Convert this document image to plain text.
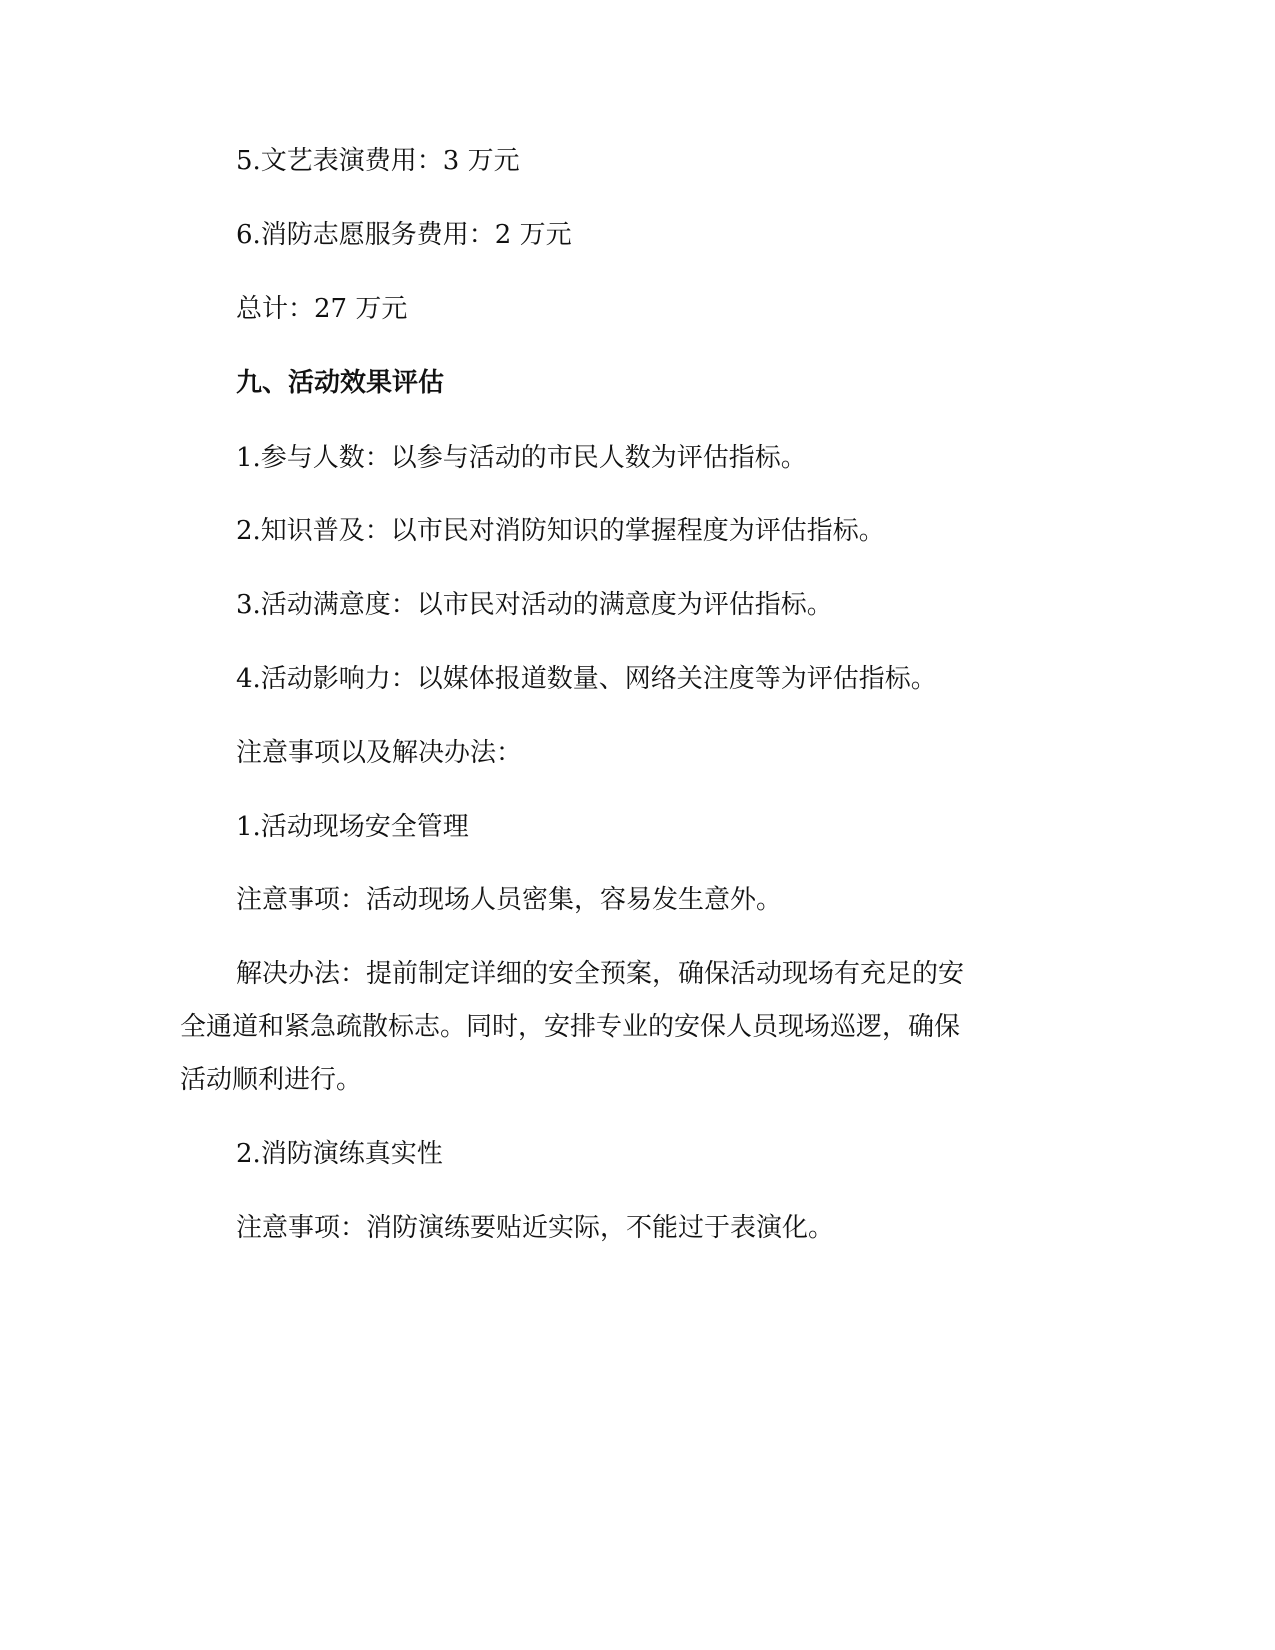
5.文艺表演费用：3 万元
6.消防志愿服务费用：2 万元
总计：27 万元
九、活动效果评估
1.参与人数：以参与活动的市民人数为评估指标。
2.知识普及：以市民对消防知识的掌握程度为评估指标。
3.活动满意度：以市民对活动的满意度为评估指标。
4.活动影响力：以媒体报道数量、网络关注度等为评估指标。
注意事项以及解决办法：
1.活动现场安全管理
注意事项：活动现场人员密集，容易发生意外。
解决办法：提前制定详细的安全预案，确保活动现场有充足的安
全通道和紧急疏散标志。同时，安排专业的安保人员现场巡逻，确保
活动顺利进行。
2.消防演练真实性
注意事项：消防演练要贴近实际，不能过于表演化。
